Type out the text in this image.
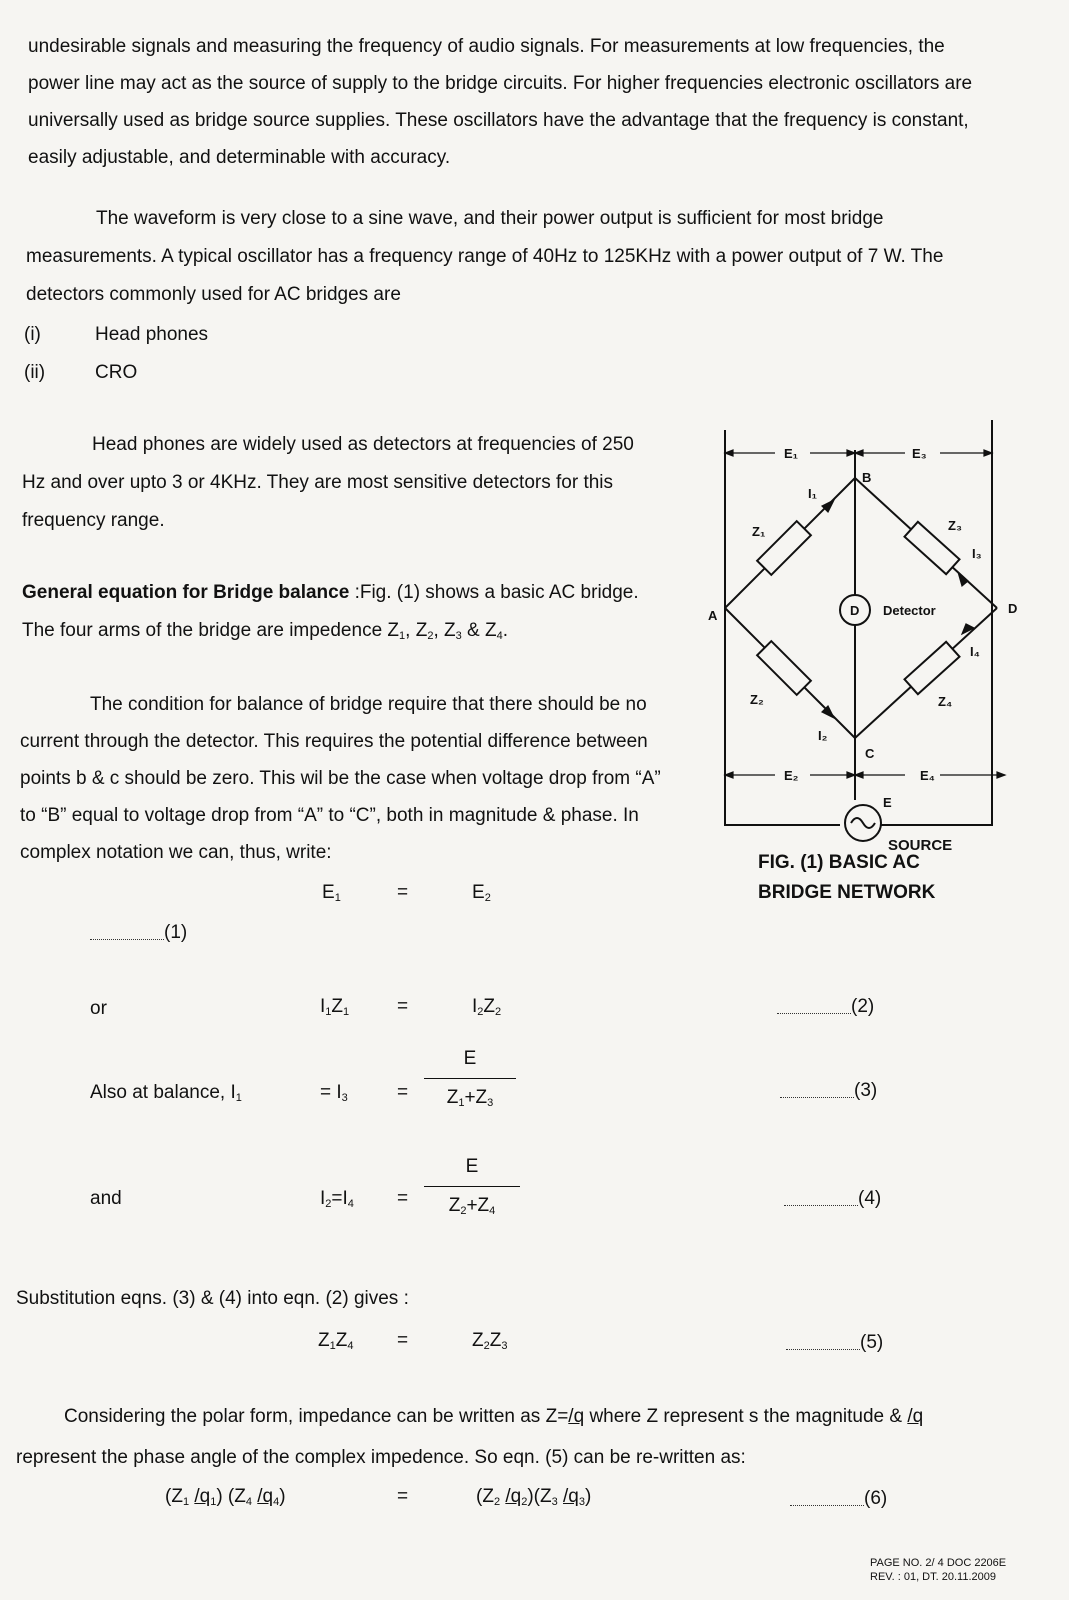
undesirable signals and measuring the frequency of audio signals. For measurements at low frequencies, the power line may act as the source of supply to the bridge circuits. For higher frequencies electronic oscillators are universally used as bridge source supplies. These oscillators have the advantage that the frequency is constant, easily adjustable, and determinable with accuracy.
The waveform is very close to a sine wave, and their power output is sufficient for most bridge measurements. A typical oscillator has a frequency range of 40Hz to 125KHz with a power output of 7 W. The detectors commonly used for AC bridges are
(i)	Head phones
(ii)	CRO
Head phones are widely used as detectors at frequencies of 250 Hz and over upto 3 or 4KHz. They are most sensitive detectors for this frequency range.
General equation for Bridge balance :Fig. (1) shows a basic AC bridge. The four arms of the bridge are impedence $Z_1$, $Z_2$, $Z_3$ & $Z_4$.
The condition for balance of bridge require that there should be no current through the detector. This requires the potential difference between points b & c should be zero. This wil be the case when voltage drop from “A” to “B” equal to voltage drop from “A” to “C”, both in magnitude & phase. In complex notation we can, thus, write:
$E_1$	=	$E_2$
(1)
or	$I_1Z_1$	=	$I_2Z_2$	(2)
Also at balance, $I_1$	= $I_3$	=
E
$Z_1+Z_3$
(3)
and	$I_2=I_4$ =
E
$Z_2+Z_4$
(4)
Substitution eqns. (3) & (4) into eqn. (2) gives :
$Z_1Z_4$ =	$Z_2Z_3$	(5)
Considering the polar form, impedance can be written as Z=/q where Z represent s the magnitude & /q
represent the phase angle of the complex impedence. So eqn. (5) can be re-written as:
($Z_1$ $/q_1$) ($Z_4$ $/q_4$)	=	($Z_2$ $/q_2)(Z_3$ $/q_3$)	(6)
E₁	E₃
E₂	E₄
A
B
C
D
E
Z₁	Z₃
Z₂	Z₄
I₁
I₃
I₂
I₄
D Detector
SOURCE
FIG. (1) BASIC AC
BRIDGE NETWORK
PAGE NO. 2/ 4 DOC 2206E
REV. : 01, DT. 20.11.2009
